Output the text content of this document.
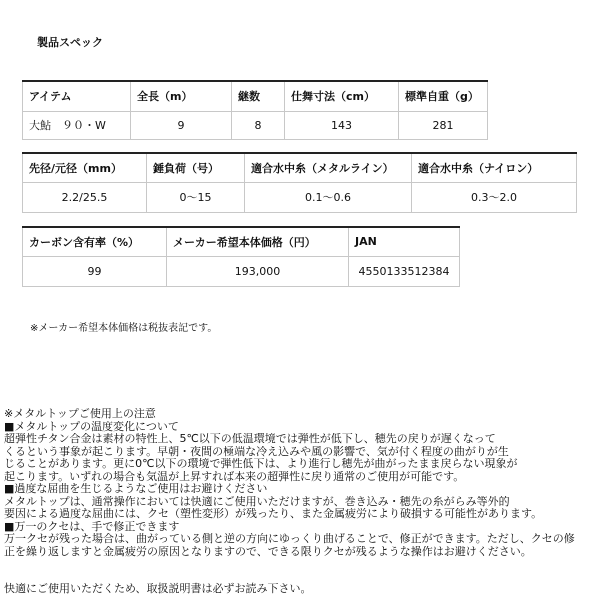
製品スペック
アイテム	全長（m）	継数	仕舞寸法（cm）	標準自重（g）
大鮎　９０・W	9	8	143	281
先径/元径（mm）	錘負荷（号）	適合水中糸（メタルライン）	適合水中糸（ナイロン）
2.2/25.5	0〜15	0.1〜0.6	0.3〜2.0
カーボン含有率（%）	メーカー希望本体価格（円）	JAN
99	193,000	4550133512384
※メーカー希望本体価格は税抜表記です。
※メタルトップご使用上の注意
■メタルトップの温度変化について
超弾性チタン合金は素材の特性上、5℃以下の低温環境では弾性が低下し、穂先の戻りが遅くなって
くるという事象が起こります。早朝・夜間の極端な冷え込みや風の影響で、気が付く程度の曲がりが生
じることがあります。更に0℃以下の環境で弾性低下は、より進行し穂先が曲がったまま戻らない現象が
起こります。いずれの場合も気温が上昇すれば本来の超弾性に戻り通常のご使用が可能です。
■過度な屈曲を生じるようなご使用はお避けください
メタルトップは、通常操作においては快適にご使用いただけますが、巻き込み・穂先の糸がらみ等外的
要因による過度な屈曲には、クセ（塑性変形）が残ったり、また金属疲労により破損する可能性があります。
■万一のクセは、手で修正できます
万一クセが残った場合は、曲がっている側と逆の方向にゆっくり曲げることで、修正ができます。ただし、クセの修
正を繰り返しますと金属疲労の原因となりますので、できる限りクセが残るような操作はお避けください。
快適にご使用いただくため、取扱説明書は必ずお読み下さい。
